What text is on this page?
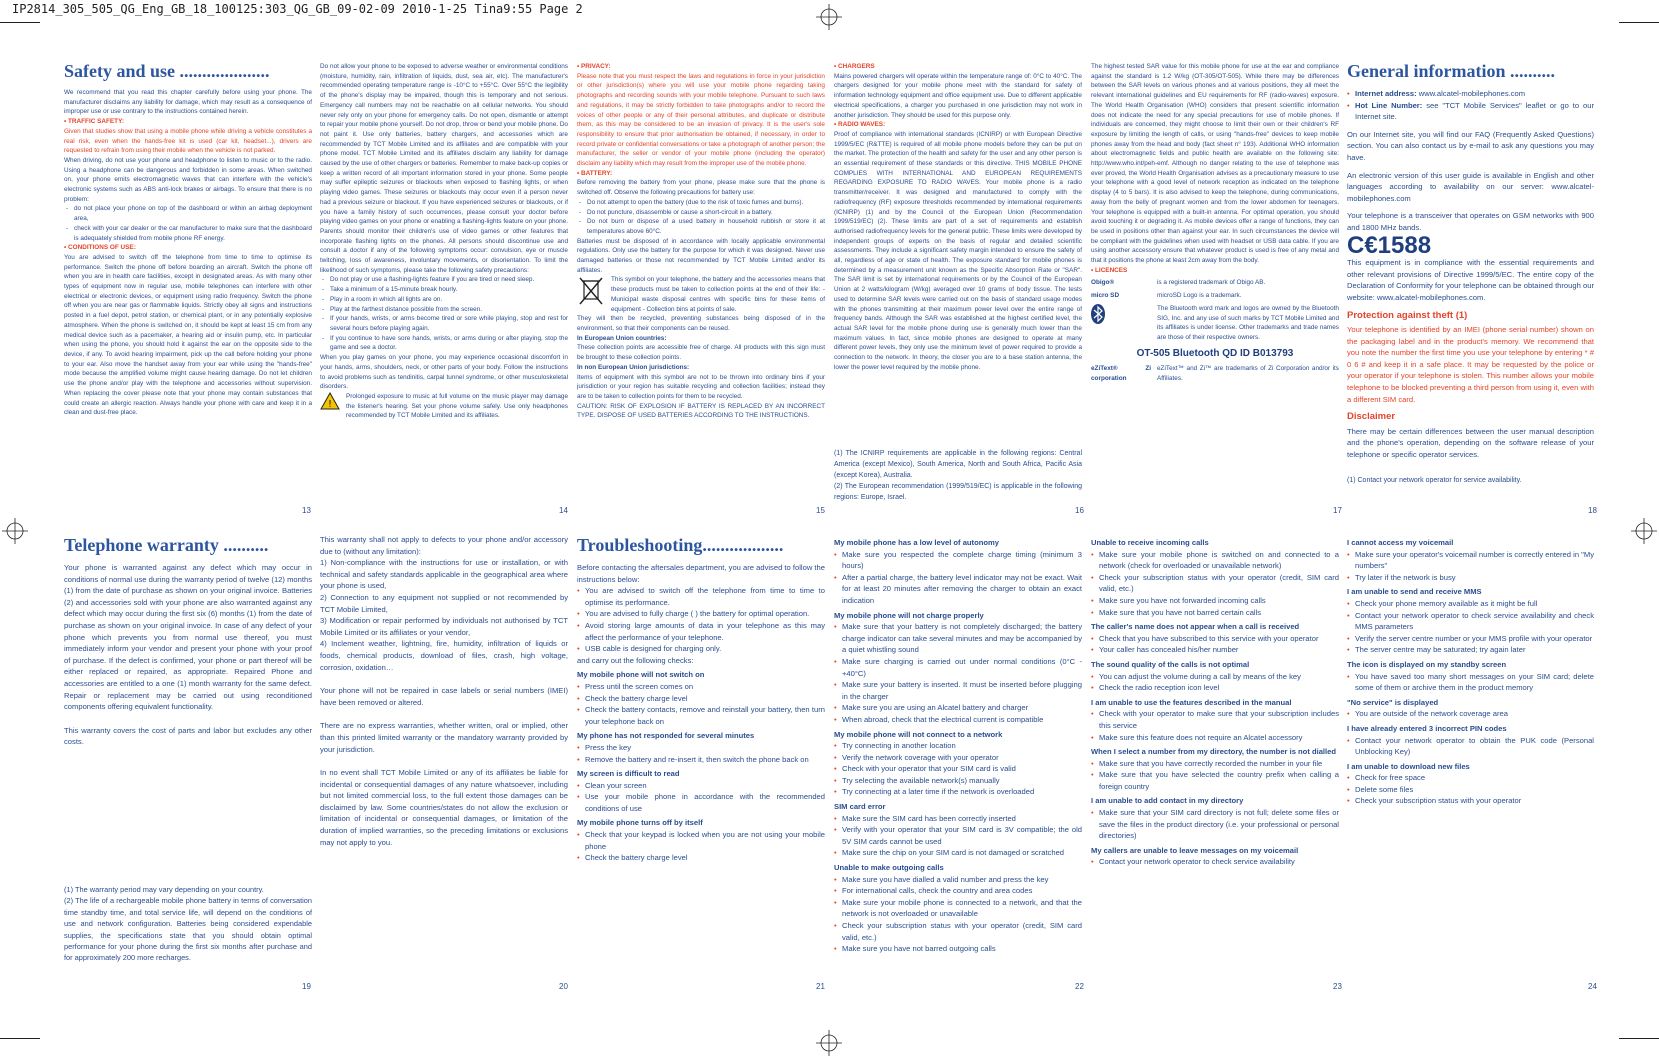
IP2814_305_505_QG_Eng_GB_18_100125:303_QG_GB_09-02-09 2010-1-25 Tina9:55 Page 2
Safety and use ....................

We recommend that you read this chapter carefully before using your phone. The manufacturer disclaims any liability for damage, which may result as a consequence of improper use or use contrary to the instructions contained herein.

• TRAFFIC SAFETY:

Given that studies show that using a mobile phone while driving a vehicle constitutes a real risk, even when the hands-free kit is used (car kit, headset...), drivers are requested to refrain from using their mobile when the vehicle is not parked.

When driving, do not use your phone and headphone to listen to music or to the radio. Using a headphone can be dangerous and forbidden in some areas. When switched on, your phone emits electromagnetic waves that can interfere with the vehicle's electronic systems such as ABS anti-lock brakes or airbags. To ensure that there is no problem:

- do not place your phone on top of the dashboard or within an airbag deployment area,

- check with your car dealer or the car manufacturer to make sure that the dashboard is adequately shielded from mobile phone RF energy.

• CONDITIONS OF USE:

You are advised to switch off the telephone from time to time to optimise its performance. Switch the phone off before boarding an aircraft. Switch the phone off when you are in health care facilities, except in designated areas. As with many other types of equipment now in regular use, mobile telephones can interfere with other electrical or electronic devices, or equipment using radio frequency. Switch the phone off when you are near gas or flammable liquids. Strictly obey all signs and instructions posted in a fuel depot, petrol station, or chemical plant, or in any potentially explosive atmosphere. When the phone is switched on, it should be kept at least 15 cm from any medical device such as a pacemaker, a hearing aid or insulin pump, etc. In particular when using the phone, you should hold it against the ear on the opposite side to the device, if any. To avoid hearing impairment, pick up the call before holding your phone to your ear. Also move the handset away from your ear while using the "hands-free" mode because the amplified volume might cause hearing damage. Do not let children use the phone and/or play with the telephone and accessories without supervision. When replacing the cover please note that your phone may contain substances that could create an allergic reaction. Always handle your phone with care and keep it in a clean and dust-free place.

13

Do not allow your phone to be exposed to adverse weather or environmental conditions (moisture, humidity, rain, infiltration of liquids, dust, sea air, etc). The manufacturer's recommended operating temperature range is -10°C to +55°C. Over 55°C the legibility of the phone's display may be impaired, though this is temporary and not serious. Emergency call numbers may not be reachable on all cellular networks. You should never rely only on your phone for emergency calls. Do not open, dismantle or attempt to repair your mobile phone yourself. Do not drop, throw or bend your mobile phone. Do not paint it. Use only batteries, battery chargers, and accessories which are recommended by TCT Mobile Limited and its affiliates and are compatible with your phone model. TCT Mobile Limited and its affiliates disclaim any liability for damage caused by the use of other chargers or batteries. Remember to make back-up copies or keep a written record of all important information stored in your phone. Some people may suffer epileptic seizures or blackouts when exposed to flashing lights, or when playing video games. These seizures or blackouts may occur even if a person never had a previous seizure or blackout. If you have experienced seizures or blackouts, or if you have a family history of such occurrences, please consult your doctor before playing video games on your phone or enabling a flashing-lights feature on your phone. Parents should monitor their children's use of video games or other features that incorporate flashing lights on the phones. All persons should discontinue use and consult a doctor if any of the following symptoms occur: convulsion, eye or muscle twitching, loss of awareness, involuntary movements, or disorientation. To limit the likelihood of such symptoms, please take the following safety precautions:

- Do not play or use a flashing-lights feature if you are tired or need sleep.

- Take a minimum of a 15-minute break hourly.

- Play in a room in which all lights are on.

- Play at the farthest distance possible from the screen.

- If your hands, wrists, or arms become tired or sore while playing, stop and rest for several hours before playing again.

- If you continue to have sore hands, wrists, or arms during or after playing, stop the game and see a doctor.

When you play games on your phone, you may experience occasional discomfort in your hands, arms, shoulders, neck, or other parts of your body. Follow the instructions to avoid problems such as tendinitis, carpal tunnel syndrome, or other musculoskeletal disorders.

!

Prolonged exposure to music at full volume on the music player may damage the listener's hearing. Set your phone volume safely. Use only headphones recommended by TCT Mobile Limited and its affiliates.

14

• PRIVACY:

Please note that you must respect the laws and regulations in force in your jurisdiction or other jurisdiction(s) where you will use your mobile phone regarding taking photographs and recording sounds with your mobile telephone. Pursuant to such laws and regulations, it may be strictly forbidden to take photographs and/or to record the voices of other people or any of their personal attributes, and duplicate or distribute them, as this may be considered to be an invasion of privacy. It is the user's sole responsibility to ensure that prior authorisation be obtained, if necessary, in order to record private or confidential conversations or take a photograph of another person; the manufacturer, the seller or vendor of your mobile phone (including the operator) disclaim any liability which may result from the improper use of the mobile phone.

• BATTERY:

Before removing the battery from your phone, please make sure that the phone is switched off. Observe the following precautions for battery use:

- Do not attempt to open the battery (due to the risk of toxic fumes and burns).

- Do not puncture, disassemble or cause a short-circuit in a battery.

- Do not burn or dispose of a used battery in household rubbish or store it at temperatures above 60°C.

Batteries must be disposed of in accordance with locally applicable environmental regulations. Only use the battery for the purpose for which it was designed. Never use damaged batteries or those not recommended by TCT Mobile Limited and/or its affiliates.

This symbol on your telephone, the battery and the accessories means that these products must be taken to collection points at the end of their life: - Municipal waste disposal centres with specific bins for these items of equipment - Collection bins at points of sale.

They will then be recycled, preventing substances being disposed of in the environment, so that their components can be reused.

In European Union countries:

These collection points are accessible free of charge. All products with this sign must be brought to these collection points.

In non European Union jurisdictions:

Items of equipment with this symbol are not to be thrown into ordinary bins if your jurisdiction or your region has suitable recycling and collection facilities; instead they are to be taken to collection points for them to be recycled.

CAUTION: RISK OF EXPLOSION IF BATTERY IS REPLACED BY AN INCORRECT TYPE. DISPOSE OF USED BATTERIES ACCORDING TO THE INSTRUCTIONS.

15

• CHARGERS

Mains powered chargers will operate within the temperature range of: 0°C to 40°C. The chargers designed for your mobile phone meet with the standard for safety of information technology equipment and office equipment use. Due to different applicable electrical specifications, a charger you purchased in one jurisdiction may not work in another jurisdiction. They should be used for this purpose only.

• RADIO WAVES:

Proof of compliance with international standards (ICNIRP) or with European Directive 1999/5/EC (R&TTE) is required of all mobile phone models before they can be put on the market. The protection of the health and safety for the user and any other person is an essential requirement of these standards or this directive. THIS MOBILE PHONE COMPLIES WITH INTERNATIONAL AND EUROPEAN REQUIREMENTS REGARDING EXPOSURE TO RADIO WAVES. Your mobile phone is a radio transmitter/receiver. It was designed and manufactured to comply with the radiofrequency (RF) exposure thresholds recommended by international requirements (ICNIRP) (1) and by the Council of the European Union (Recommendation 1999/519/EC) (2). These limits are part of a set of requirements and establish authorised radiofrequency levels for the general public. These limits were developed by independent groups of experts on the basis of regular and detailed scientific assessments. They include a significant safety margin intended to ensure the safety of all, regardless of age or state of health. The exposure standard for mobile phones is determined by a measurement unit known as the Specific Absorption Rate or "SAR". The SAR limit is set by international requirements or by the Council of the European Union at 2 watts/kilogram (W/kg) averaged over 10 grams of body tissue. The tests used to determine SAR levels were carried out on the basis of standard usage modes with the phones transmitting at their maximum power level over the entire range of frequency bands. Although the SAR was established at the highest certified level, the actual SAR level for the mobile phone during use is generally much lower than the maximum values. In fact, since mobile phones are designed to operate at many different power levels, they only use the minimum level of power required to provide a connection to the network. In theory, the closer you are to a base station antenna, the lower the power level required by the mobile phone.

(1) The ICNIRP requirements are applicable in the following regions: Central America (except Mexico), South America, North and South Africa, Pacific Asia (except Korea), Australia.

(2) The European recommendation (1999/519/EC) is applicable in the following regions: Europe, Israel.

16

The highest tested SAR value for this mobile phone for use at the ear and compliance against the standard is 1.2 W/kg (OT-305/OT-505). While there may be differences between the SAR levels on various phones and at various positions, they all meet the relevant international guidelines and EU requirements for RF (radio-waves) exposure. The World Health Organisation (WHO) considers that present scientific information does not indicate the need for any special precautions for use of mobile phones. If individuals are concerned, they might choose to limit their own or their children's RF exposure by limiting the length of calls, or using "hands-free" devices to keep mobile phones away from the head and body (fact sheet n° 193). Additional WHO information about electromagnetic fields and public health are available on the following site: http://www.who.int/peh-emf. Although no danger relating to the use of telephone was ever proved, the World Health Organisation advises as a precautionary measure to use your telephone with a good level of network reception as indicated on the telephone display (4 to 5 bars). It is also advised to keep the telephone, during communications, away from the belly of pregnant women and from the lower abdomen for teenagers. Your telephone is equipped with a built-in antenna. For optimal operation, you should avoid touching it or degrading it. As mobile devices offer a range of functions, they can be used in positions other than against your ear. In such circumstances the device will be compliant with the guidelines when used with headset or USB data cable. If you are using another accessory ensure that whatever product is used is free of any metal and that it positions the phone at least 2cm away from the body.

• LICENCES

Obigo®	is a registered trademark of Obigo AB.

micro SD	microSD Logo is a trademark.

The Bluetooth word mark and logos are owned by the Bluetooth SIG, Inc. and any use of such marks by TCT Mobile Limited and its affiliates is under license. Other trademarks and trade names are those of their respective owners.

OT-505 Bluetooth QD ID B013793
eZiText® Zi corporation

eZiText™ and Zi™ are trademarks of Zi Corporation and/or its Affiliates.

17
General information ..........

• Internet address: www.alcatel-mobilephones.com

• Hot Line Number: see "TCT Mobile Services" leaflet or go to our Internet site.

On our Internet site, you will find our FAQ (Frequently Asked Questions) section. You can also contact us by e-mail to ask any questions you may have.

An electronic version of this user guide is available in English and other languages according to availability on our server: www.alcatel-mobilephones.com

Your telephone is a transceiver that operates on GSM networks with 900 and 1800 MHz bands.

C€1588

This equipment is in compliance with the essential requirements and other relevant provisions of Directive 1999/5/EC. The entire copy of the Declaration of Conformity for your telephone can be obtained through our website: www.alcatel-mobilephones.com.

Protection against theft (1)

Your telephone is identified by an IMEI (phone serial number) shown on the packaging label and in the product's memory. We recommend that you note the number the first time you use your telephone by entering * # 0 6 # and keep it in a safe place. It may be requested by the police or your operator if your telephone is stolen. This number allows your mobile telephone to be blocked preventing a third person from using it, even with a different SIM card.

Disclaimer

There may be certain differences between the user manual description and the phone's operation, depending on the software release of your telephone or specific operator services.

(1) Contact your network operator for service availability.

18
Telephone warranty ..........

Your phone is warranted against any defect which may occur in conditions of normal use during the warranty period of twelve (12) months (1) from the date of purchase as shown on your original invoice. Batteries (2) and accessories sold with your phone are also warranted against any defect which may occur during the first six (6) months (1) from the date of purchase as shown on your original invoice. In case of any defect of your phone which prevents you from normal use thereof, you must immediately inform your vendor and present your phone with your proof of purchase. If the defect is confirmed, your phone or part thereof will be either replaced or repaired, as appropriate. Repaired Phone and accessories are entitled to a one (1) month warranty for the same defect. Repair or replacement may be carried out using reconditioned components offering equivalent functionality.

This warranty covers the cost of parts and labor but excludes any other costs.

(1) The warranty period may vary depending on your country.

(2) The life of a rechargeable mobile phone battery in terms of conversation time standby time, and total service life, will depend on the conditions of use and network configuration. Batteries being considered expendable supplies, the specifications state that you should obtain optimal performance for your phone during the first six months after purchase and for approximately 200 more recharges.

19

This warranty shall not apply to defects to your phone and/or accessory due to (without any limitation):

1) Non-compliance with the instructions for use or installation, or with technical and safety standards applicable in the geographical area where your phone is used,

2) Connection to any equipment not supplied or not recommended by TCT Mobile Limited,

3) Modification or repair performed by individuals not authorised by TCT Mobile Limited or its affiliates or your vendor,

4) Inclement weather, lightning, fire, humidity, infiltration of liquids or foods, chemical products, download of files, crash, high voltage, corrosion, oxidation…

Your phone will not be repaired in case labels or serial numbers (IMEI) have been removed or altered.

There are no express warranties, whether written, oral or implied, other than this printed limited warranty or the mandatory warranty provided by your jurisdiction.

In no event shall TCT Mobile Limited or any of its affiliates be liable for incidental or consequential damages of any nature whatsoever, including but not limited commercial loss, to the full extent those damages can be disclaimed by law. Some countries/states do not allow the exclusion or limitation of incidental or consequential damages, or limitation of the duration of implied warranties, so the preceding limitations or exclusions may not apply to you.

20
Troubleshooting..................

Before contacting the aftersales department, you are advised to follow the instructions below:

• You are advised to switch off the telephone from time to time to optimise its performance.

• You are advised to fully charge ( ) the battery for optimal operation.

• Avoid storing large amounts of data in your telephone as this may affect the performance of your telephone.

• USB cable is designed for charging only.

and carry out the following checks:

My mobile phone will not switch on

• Press until the screen comes on

• Check the battery charge level

• Check the battery contacts, remove and reinstall your battery, then turn your telephone back on

My phone has not responded for several minutes

• Press the key

• Remove the battery and re-insert it, then switch the phone back on

My screen is difficult to read

• Clean your screen

• Use your mobile phone in accordance with the recommended conditions of use

My mobile phone turns off by itself

• Check that your keypad is locked when you are not using your mobile phone

• Check the battery charge level

21

My mobile phone has a low level of autonomy

• Make sure you respected the complete charge timing (minimum 3 hours)

• After a partial charge, the battery level indicator may not be exact. Wait for at least 20 minutes after removing the charger to obtain an exact indication

My mobile phone will not charge properly

• Make sure that your battery is not completely discharged; the battery charge indicator can take several minutes and may be accompanied by a quiet whistling sound

• Make sure charging is carried out under normal conditions (0°C - +40°C)

• Make sure your battery is inserted. It must be inserted before plugging in the charger

• Make sure you are using an Alcatel battery and charger

• When abroad, check that the electrical current is compatible

My mobile phone will not connect to a network

• Try connecting in another location

• Verify the network coverage with your operator

• Check with your operator that your SIM card is valid

• Try selecting the available network(s) manually

• Try connecting at a later time if the network is overloaded

SIM card error

• Make sure the SIM card has been correctly inserted

• Verify with your operator that your SIM card is 3V compatible; the old 5V SIM cards cannot be used

• Make sure the chip on your SIM card is not damaged or scratched

Unable to make outgoing calls

• Make sure you have dialled a valid number and press the key

• For international calls, check the country and area codes

• Make sure your mobile phone is connected to a network, and that the network is not overloaded or unavailable

• Check your subscription status with your operator (credit, SIM card valid, etc.)

• Make sure you have not barred outgoing calls

22

Unable to receive incoming calls

• Make sure your mobile phone is switched on and connected to a network (check for overloaded or unavailable network)

• Check your subscription status with your operator (credit, SIM card valid, etc.)

• Make sure you have not forwarded incoming calls

• Make sure that you have not barred certain calls

The caller's name does not appear when a call is received

• Check that you have subscribed to this service with your operator

• Your caller has concealed his/her number

The sound quality of the calls is not optimal

• You can adjust the volume during a call by means of the key

• Check the radio reception icon level

I am unable to use the features described in the manual

• Check with your operator to make sure that your subscription includes this service

• Make sure this feature does not require an Alcatel accessory

When I select a number from my directory, the number is not dialled

• Make sure that you have correctly recorded the number in your file

• Make sure that you have selected the country prefix when calling a foreign country

I am unable to add contact in my directory

• Make sure that your SIM card directory is not full; delete some files or save the files in the product directory (i.e. your professional or personal directories)

My callers are unable to leave messages on my voicemail

• Contact your network operator to check service availability

23

I cannot access my voicemail

• Make sure your operator's voicemail number is correctly entered in "My numbers"

• Try later if the network is busy

I am unable to send and receive MMS

• Check your phone memory available as it might be full

• Contact your network operator to check service availability and check MMS parameters

• Verify the server centre number or your MMS profile with your operator

• The server centre may be saturated; try again later

The icon is displayed on my standby screen

• You have saved too many short messages on your SIM card; delete some of them or archive them in the product memory

"No service" is displayed

• You are outside of the network coverage area

I have already entered 3 incorrect PIN codes

• Contact your network operator to obtain the PUK code (Personal Unblocking Key)

I am unable to download new files

• Check for free space

• Delete some files

• Check your subscription status with your operator

24
